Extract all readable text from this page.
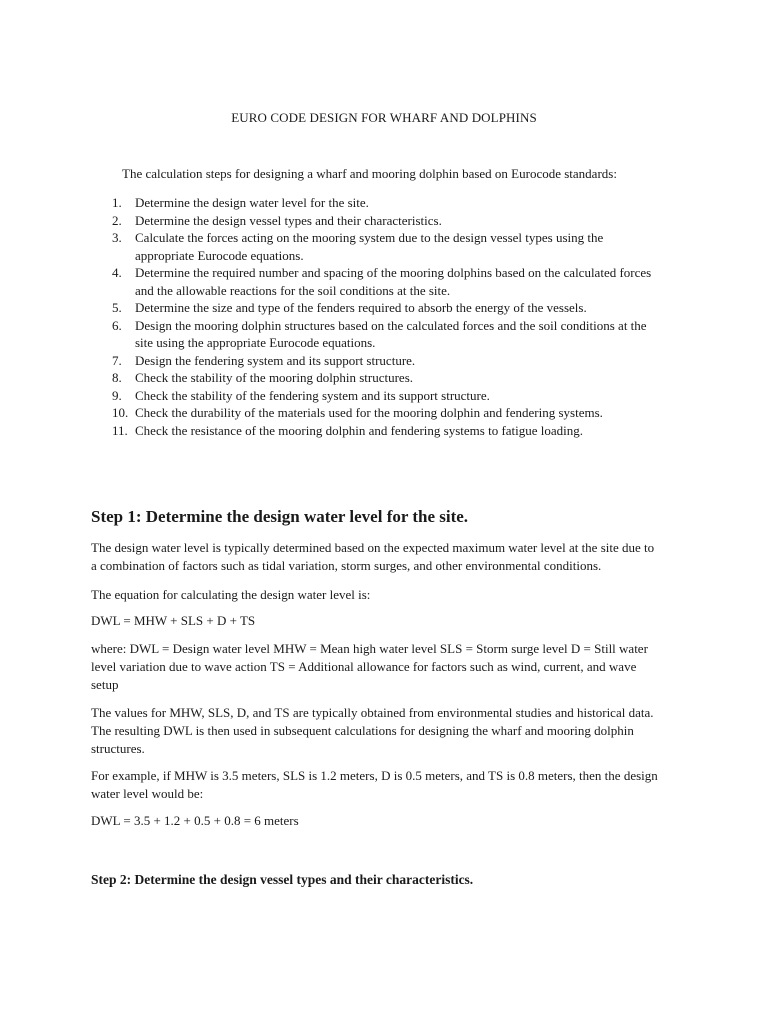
EURO CODE DESIGN FOR WHARF AND DOLPHINS
The calculation steps for designing a wharf and mooring dolphin based on Eurocode standards:
1. Determine the design water level for the site.
2. Determine the design vessel types and their characteristics.
3. Calculate the forces acting on the mooring system due to the design vessel types using the appropriate Eurocode equations.
4. Determine the required number and spacing of the mooring dolphins based on the calculated forces and the allowable reactions for the soil conditions at the site.
5. Determine the size and type of the fenders required to absorb the energy of the vessels.
6. Design the mooring dolphin structures based on the calculated forces and the soil conditions at the site using the appropriate Eurocode equations.
7. Design the fendering system and its support structure.
8. Check the stability of the mooring dolphin structures.
9. Check the stability of the fendering system and its support structure.
10. Check the durability of the materials used for the mooring dolphin and fendering systems.
11. Check the resistance of the mooring dolphin and fendering systems to fatigue loading.
Step 1: Determine the design water level for the site.
The design water level is typically determined based on the expected maximum water level at the site due to a combination of factors such as tidal variation, storm surges, and other environmental conditions.
The equation for calculating the design water level is:
DWL = MHW + SLS + D + TS
where: DWL = Design water level MHW = Mean high water level SLS = Storm surge level D = Still water level variation due to wave action TS = Additional allowance for factors such as wind, current, and wave setup
The values for MHW, SLS, D, and TS are typically obtained from environmental studies and historical data. The resulting DWL is then used in subsequent calculations for designing the wharf and mooring dolphin structures.
For example, if MHW is 3.5 meters, SLS is 1.2 meters, D is 0.5 meters, and TS is 0.8 meters, then the design water level would be:
DWL = 3.5 + 1.2 + 0.5 + 0.8 = 6 meters
Step 2: Determine the design vessel types and their characteristics.
